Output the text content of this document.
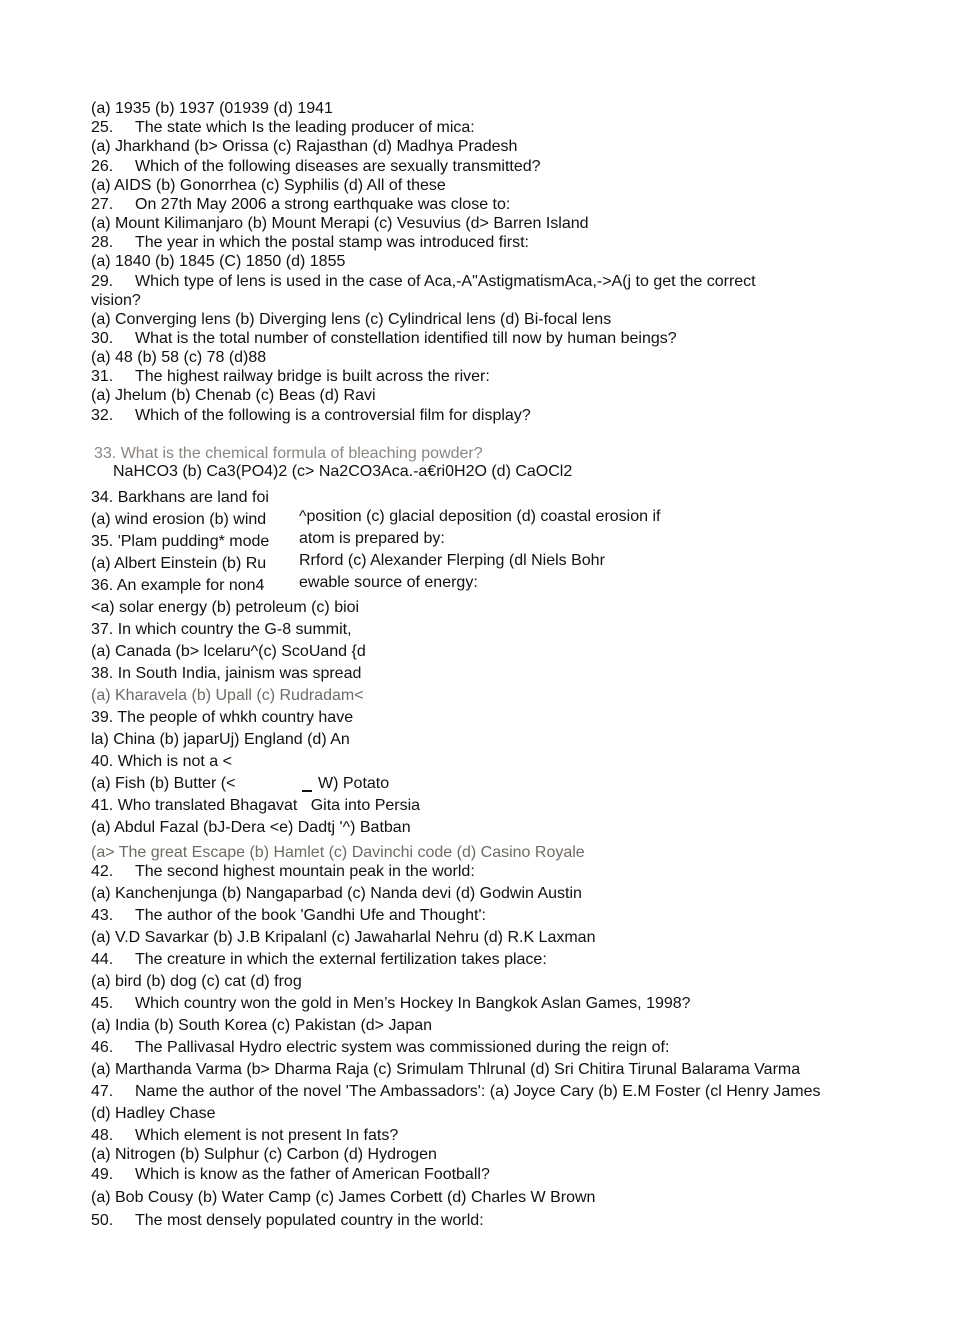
(a) 1935 (b) 1937 (01939 (d) 1941
25. The state which Is the leading producer of mica:
(a) Jharkhand (b> Orissa (c) Rajasthan (d) Madhya Pradesh
26. Which of the following diseases are sexually transmitted?
(a) AIDS (b) Gonorrhea (c) Syphilis (d) All of these
27. On 27th May 2006 a strong earthquake was close to:
(a) Mount Kilimanjaro (b) Mount Merapi (c) Vesuvius (d> Barren Island
28. The year in which the postal stamp was introduced first:
(a) 1840 (b) 1845 (C) 1850 (d) 1855
29. Which type of lens is used in the case of Aca,-A"AstigmatismAca,->A(j to get the correct
vision?
(a) Converging lens (b) Diverging lens (c) Cylindrical lens (d) Bi-focal lens
30. What is the total number of constellation identified till now by human beings?
(a) 48 (b) 58 (c) 78 (d)88
31. The highest railway bridge is built across the river:
(a) Jhelum (b) Chenab (c) Beas (d) Ravi
32. Which of the following is a controversial film for display?
33. What is the chemical formula of bleaching powder?
NaHCO3 (b) Ca3(PO4)2 (c> Na2CO3Aca.-a€ri0H2O (d) CaOCl2
34. Barkhans are land foi
(a) wind erosion (b) wind
35. 'Plam pudding* mode
(a) Albert Einstein (b) Ru
36. An example for non4
^position (c) glacial deposition (d) coastal erosion if
atom is prepared by:
Rrford (c) Alexander Flerping (dl Niels Bohr
ewable source of energy:
<a) solar energy (b) petroleum (c) bioi
37. In which country the G-8 summit,
(a) Canada (b> lcelaru^(c) ScoUand {d
38. In South India, jainism was spread
(a) Kharavela (b) Upall (c) Rudradam<
39. The people of whkh country have
la) China (b) japarUj) England (d) An
40. Which is not a <
(a) Fish (b) Butter (<	W) Potato
41. Who translated Bhagavat   Gita into Persia
(a) Abdul Fazal (bJ-Dera <e) Dadtj '^) Batban
(a> The great Escape (b) Hamlet (c) Davinchi code (d) Casino Royale
42. The second highest mountain peak in the world:
(a) Kanchenjunga (b) Nangaparbad (c) Nanda devi (d) Godwin Austin
43. The author of the book 'Gandhi Ufe and Thought':
(a) V.D Savarkar (b) J.B Kripalanl (c) Jawaharlal Nehru (d) R.K Laxman
44. The creature in which the external fertilization takes place:
(a) bird (b) dog (c) cat (d) frog
45. Which country won the gold in Men’s Hockey In Bangkok Aslan Games, 1998?
(a) India (b) South Korea (c) Pakistan (d> Japan
46. The Pallivasal Hydro electric system was commissioned during the reign of:
(a) Marthanda Varma (b> Dharma Raja (c) Srimulam Thlrunal (d) Sri Chitira Tirunal Balarama Varma
47. Name the author of the novel 'The Ambassadors': (a) Joyce Cary (b) E.M Foster (cl Henry James
(d) Hadley Chase
48. Which element is not present In fats?
(a) Nitrogen (b) Sulphur (c) Carbon (d) Hydrogen
49. Which is know as the father of American Football?
(a) Bob Cousy (b) Water Camp (c) James Corbett (d) Charles W Brown
50. The most densely populated country in the world:
